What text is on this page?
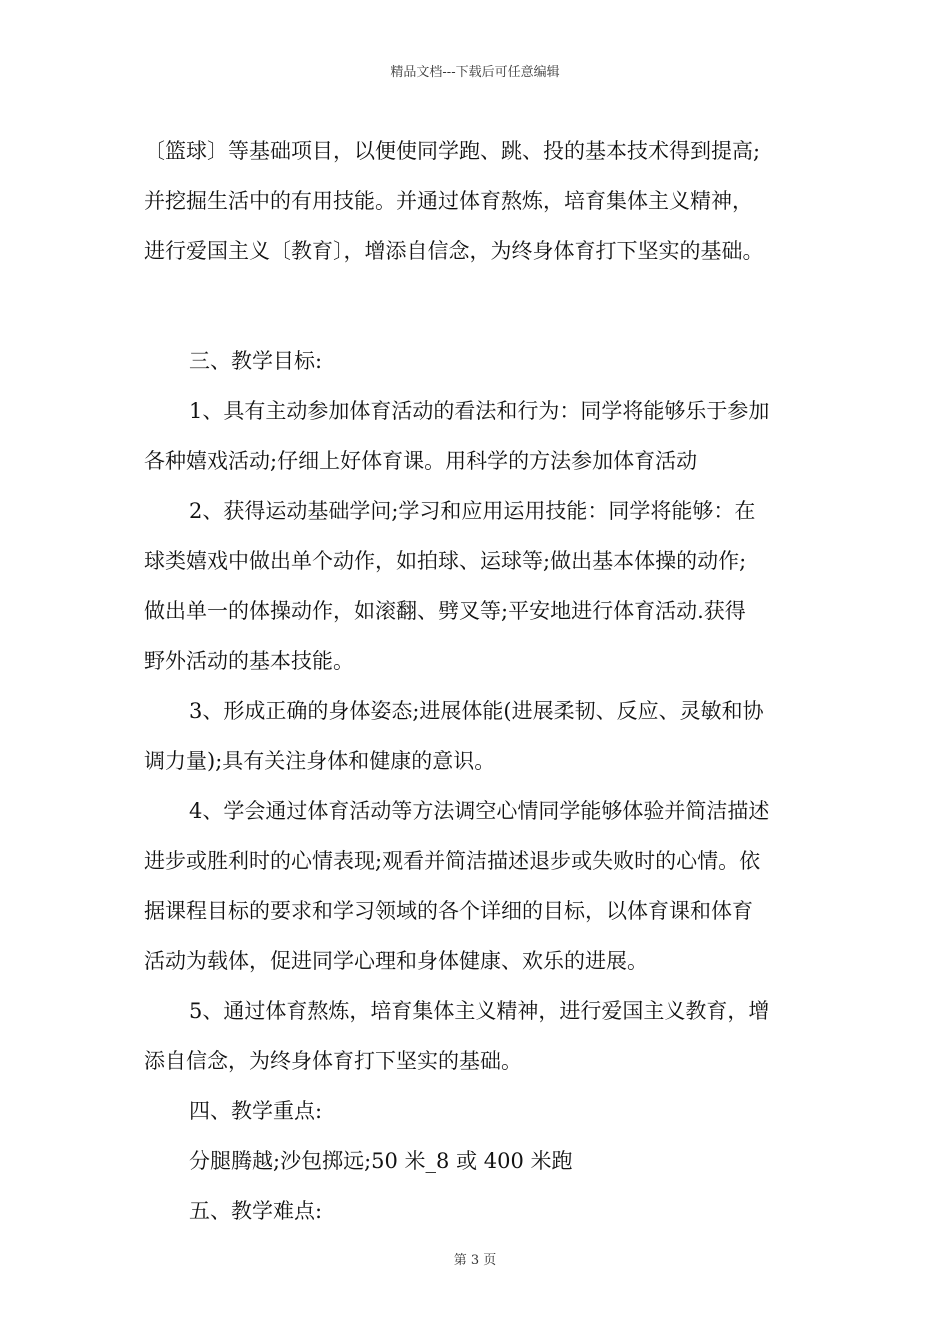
精品文档---下载后可任意编辑
〔篮球〕等基础项目，以便使同学跑、跳、投的基本技术得到提高;
并挖掘生活中的有用技能。并通过体育熬炼，培育集体主义精神，
进行爱国主义〔教育〕，增添自信念，为终身体育打下坚实的基础。
三、教学目标:
1、具有主动参加体育活动的看法和行为：同学将能够乐于参加
各种嬉戏活动;仔细上好体育课。用科学的方法参加体育活动
2、获得运动基础学问;学习和应用运用技能：同学将能够：在
球类嬉戏中做出单个动作，如拍球、运球等;做出基本体操的动作;
做出单一的体操动作，如滚翻、劈叉等;平安地进行体育活动.获得
野外活动的基本技能。
3、形成正确的身体姿态;进展体能(进展柔韧、反应、灵敏和协
调力量);具有关注身体和健康的意识。
4、学会通过体育活动等方法调空心情同学能够体验并简洁描述
进步或胜利时的心情表现;观看并简洁描述退步或失败时的心情。依
据课程目标的要求和学习领域的各个详细的目标，以体育课和体育
活动为载体，促进同学心理和身体健康、欢乐的进展。
5、通过体育熬炼，培育集体主义精神，进行爱国主义教育，增
添自信念，为终身体育打下坚实的基础。
四、教学重点:
分腿腾越;沙包掷远;50 米_8 或 400 米跑
五、教学难点:
第 3 页
